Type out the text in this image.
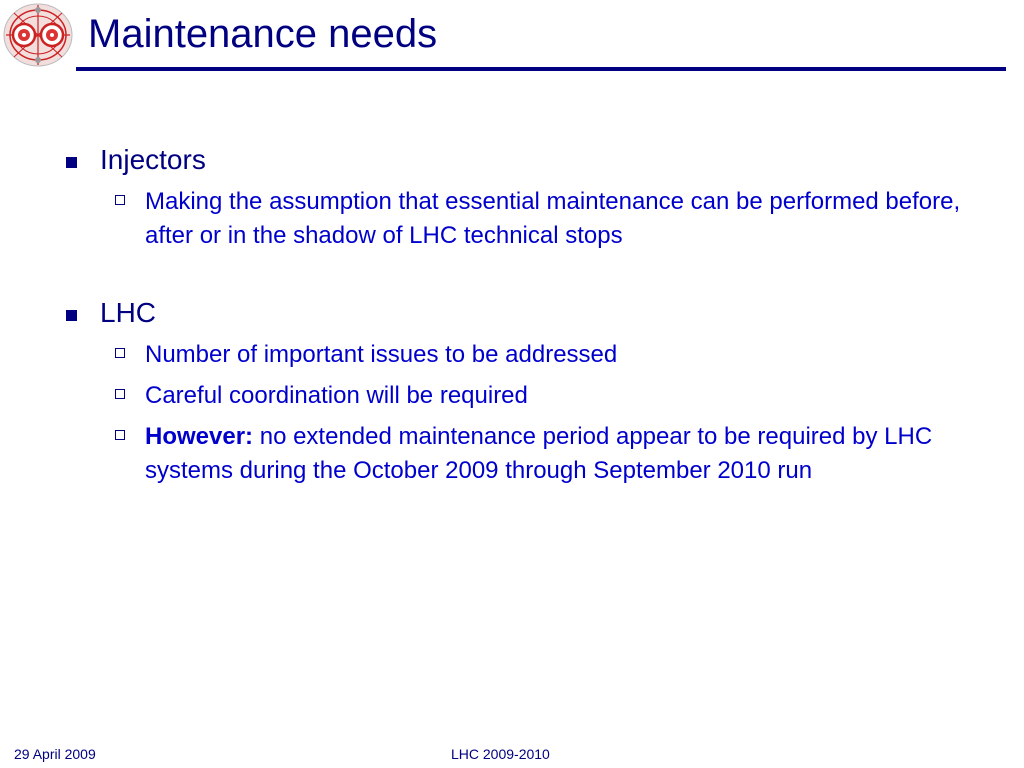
Maintenance needs
Injectors
Making the assumption that essential maintenance can be performed before, after or in the shadow of LHC technical stops
LHC
Number of important issues to be addressed
Careful coordination will be required
However: no extended maintenance period appear to be required by LHC systems during the October 2009 through September 2010 run
29 April 2009	LHC 2009-2010
